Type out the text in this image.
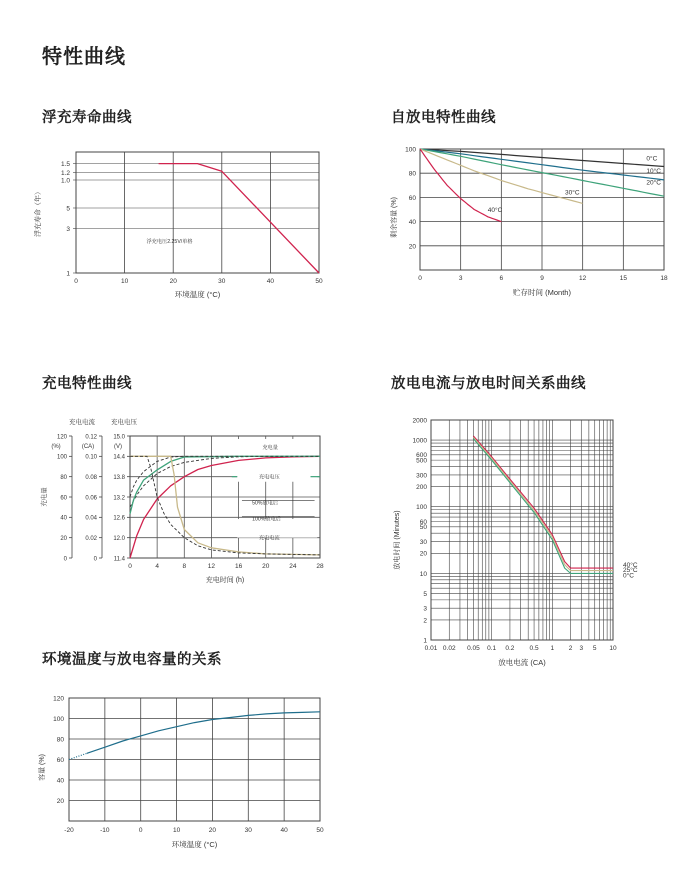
特性曲线
浮充寿命曲线	自放电特性曲线
充电特性曲线	放电电流与放电时间关系曲线
环境温度与放电容量的关系
0	10	20	30	40	50
1
3
5
1.0
1.2
1.5
浮充电压2.25V/单格
环境温度 (°C)
浮充寿命（年）
0	3	6	9	12	15	18
20
40
60
80
100
0°C
10°C
20°C
30°C
40°C
贮存时间 (Month)
剩余容量 (%)
充电电流 充电电压
(%)	(CA)	(V)
0
20
40
60
80
100
120
0
0.02
0.04
0.06
0.08
0.10
0.12
11.4
12.0
12.6
13.2
13.8
14.4
15.0
充电量
0	4	8	12	16	20	24	28
充电时间 (h)
充电量
充电电压
50%放电后
100%放电后
充电电流
0.01 0.02 0.05 0.1 0.2 0.5 1 2 3 5 10
1
2
3
5
10
20
30
50
60
100
200
300
500
600
1000
2000
放电电流 (CA)
放电时间 (Minutes)	40°C
25°C
0°C
-20	-10	0	10	20	30	40	50
20
40
60
80
100
120
环境温度 (°C)
容量 (%)
